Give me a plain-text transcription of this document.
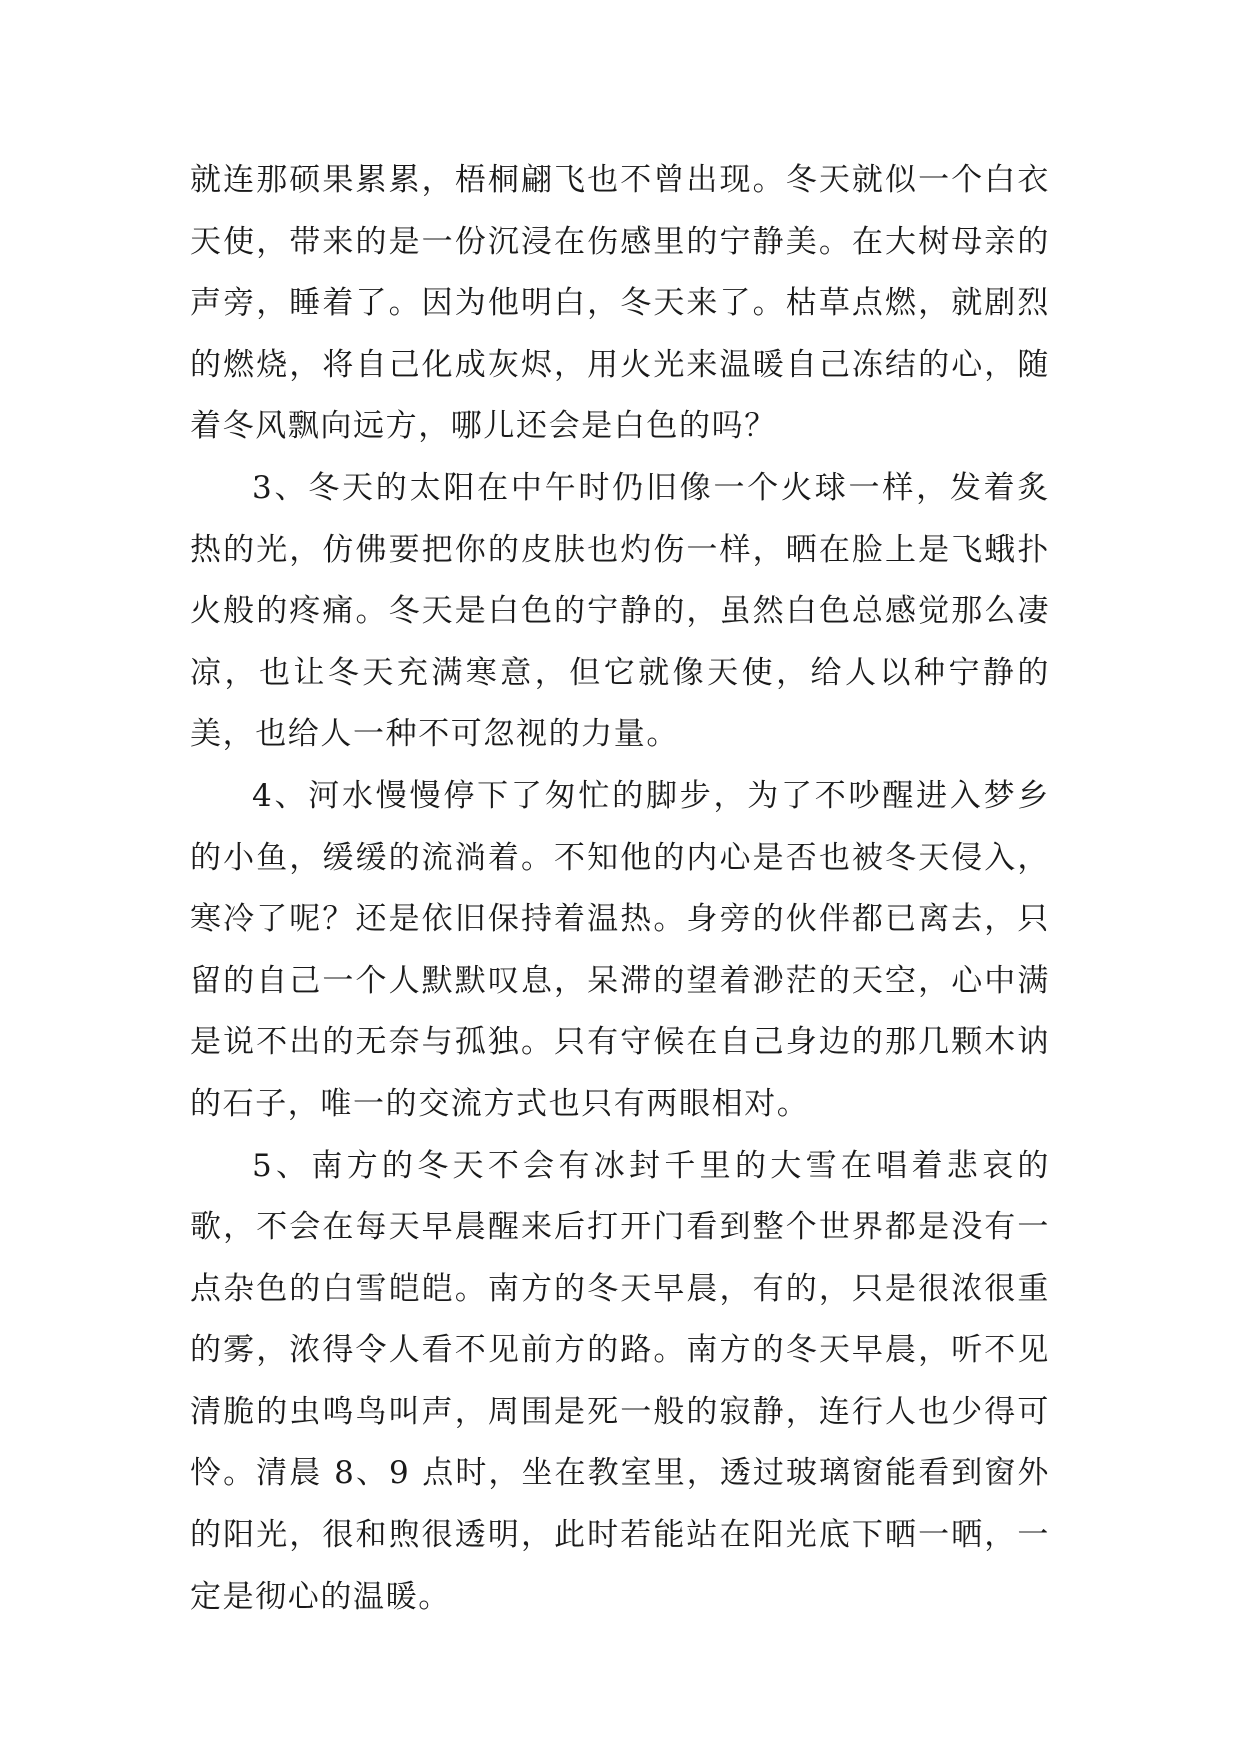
就连那硕果累累，梧桐翩飞也不曾出现。冬天就似一个白衣天使，带来的是一份沉浸在伤感里的宁静美。在大树母亲的声旁，睡着了。因为他明白，冬天来了。枯草点燃，就剧烈的燃烧，将自己化成灰烬，用火光来温暖自己冻结的心，随着冬风飘向远方，哪儿还会是白色的吗？

3、冬天的太阳在中午时仍旧像一个火球一样，发着炙热的光，仿佛要把你的皮肤也灼伤一样，晒在脸上是飞蛾扑火般的疼痛。冬天是白色的宁静的，虽然白色总感觉那么凄凉，也让冬天充满寒意，但它就像天使，给人以种宁静的美，也给人一种不可忽视的力量。

4、河水慢慢停下了匆忙的脚步，为了不吵醒进入梦乡的小鱼，缓缓的流淌着。不知他的内心是否也被冬天侵入，寒冷了呢？还是依旧保持着温热。身旁的伙伴都已离去，只留的自己一个人默默叹息，呆滞的望着渺茫的天空，心中满是说不出的无奈与孤独。只有守候在自己身边的那几颗木讷的石子，唯一的交流方式也只有两眼相对。

5、南方的冬天不会有冰封千里的大雪在唱着悲哀的歌，不会在每天早晨醒来后打开门看到整个世界都是没有一点杂色的白雪皑皑。南方的冬天早晨，有的，只是很浓很重的雾，浓得令人看不见前方的路。南方的冬天早晨，听不见清脆的虫鸣鸟叫声，周围是死一般的寂静，连行人也少得可怜。清晨 8、9 点时，坐在教室里，透过玻璃窗能看到窗外的阳光，很和煦很透明，此时若能站在阳光底下晒一晒，一定是彻心的温暖。
